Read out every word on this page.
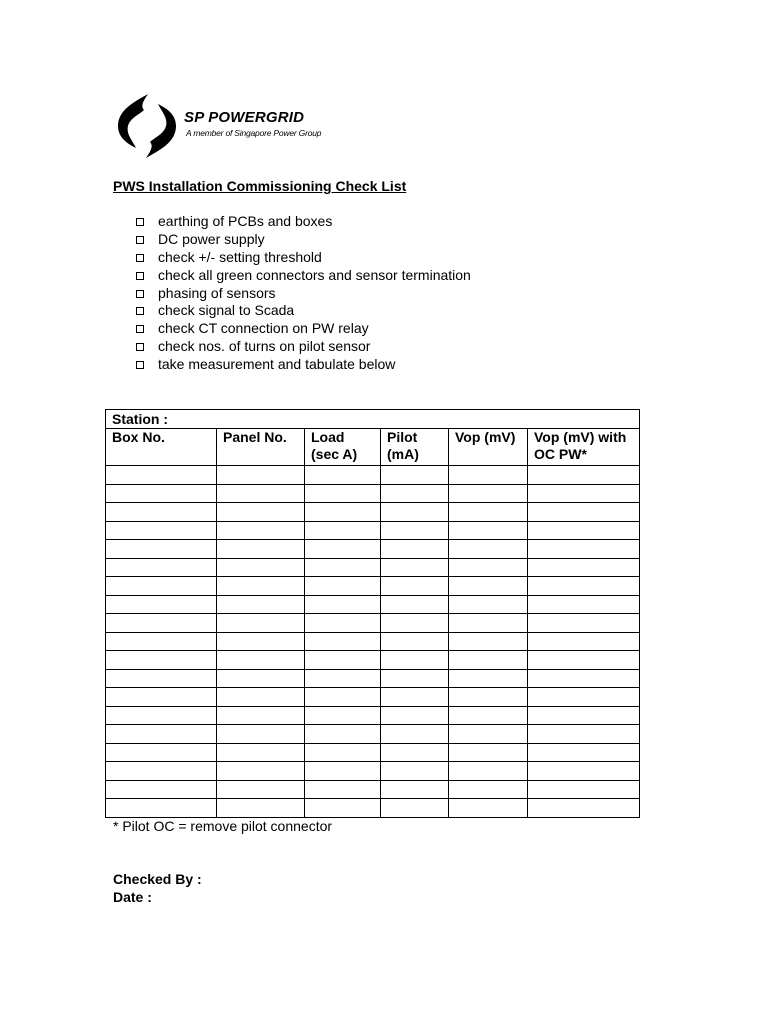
SP POWERGRID
A member of Singapore Power Group
PWS Installation Commissioning Check List
earthing of PCBs and boxes
DC power supply
check +/- setting threshold
check all green connectors and sensor termination
phasing of sensors
check signal to Scada
check CT connection on PW relay
check nos. of turns on pilot sensor
take measurement and tabulate below
Station :					
Box No.	Panel No.	Load (sec A)	Pilot (mA)	Vop (mV)	Vop (mV) with OC PW*

* Pilot OC = remove pilot connector
Checked By :
Date :
